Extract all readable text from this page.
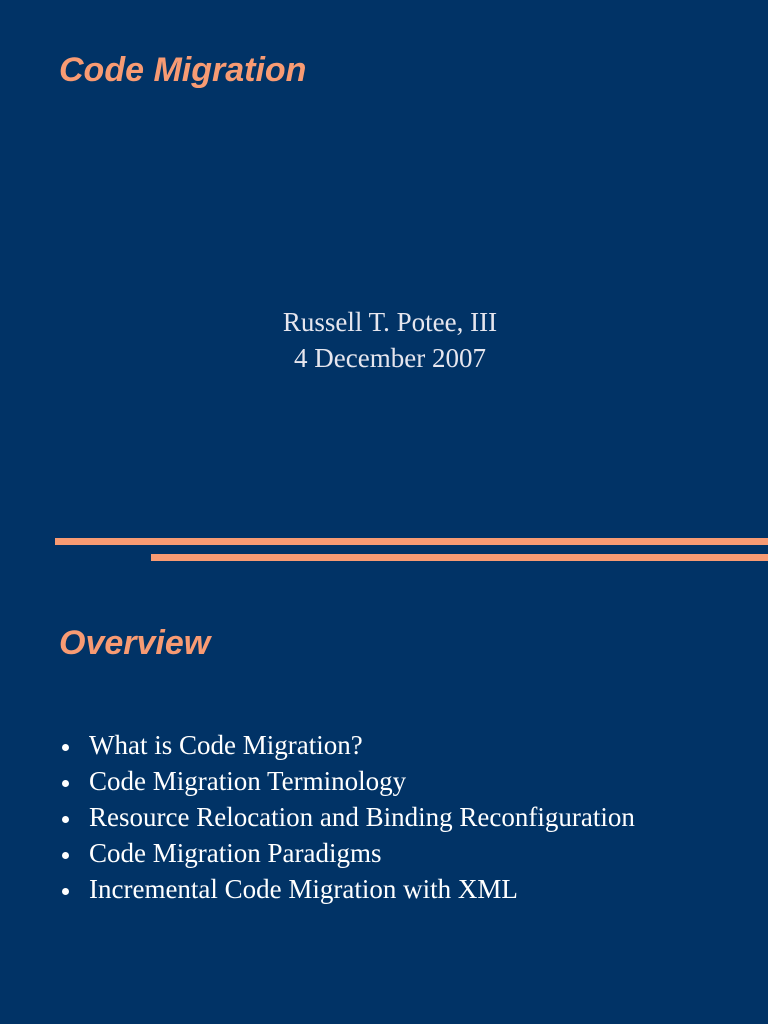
Code Migration
Russell T. Potee, III
4 December 2007
Overview
What is Code Migration?
Code Migration Terminology
Resource Relocation and Binding Reconfiguration
Code Migration Paradigms
Incremental Code Migration with XML
